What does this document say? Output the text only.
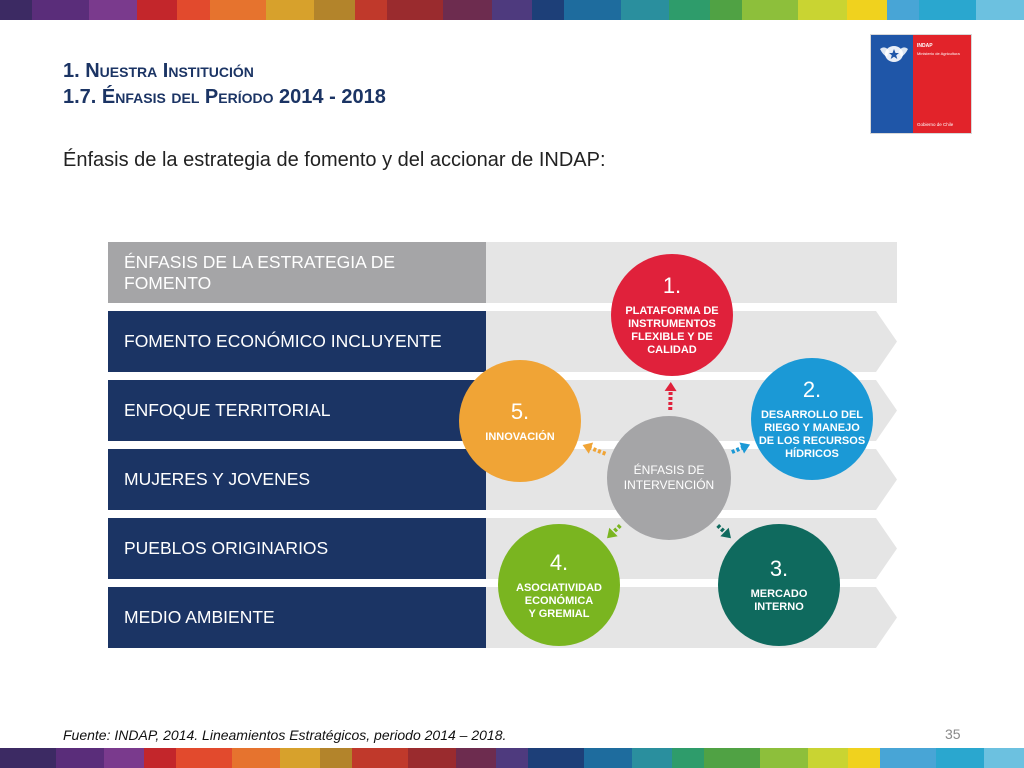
1. Nuestra Institución
1.7. Énfasis del Período 2014 - 2018
INDAP
Ministerio de Agricultura
Gobierno de Chile
Énfasis de la estrategia de fomento y del accionar de INDAP:
ÉNFASIS DE LA ESTRATEGIA DE FOMENTO
FOMENTO ECONÓMICO INCLUYENTE
ENFOQUE TERRITORIAL
MUJERES Y JOVENES
PUEBLOS ORIGINARIOS
MEDIO AMBIENTE
ÉNFASIS DE
INTERVENCIÓN
1.
PLATAFORMA DE
INSTRUMENTOS
FLEXIBLE Y DE
CALIDAD
2.
DESARROLLO DEL
RIEGO Y MANEJO
DE LOS RECURSOS
HÍDRICOS
3.
MERCADO
INTERNO
4.
ASOCIATIVIDAD
ECONÓMICA
Y GREMIAL
5.
INNOVACIÓN
Fuente: INDAP, 2014. Lineamientos Estratégicos, periodo 2014 – 2018.	35
